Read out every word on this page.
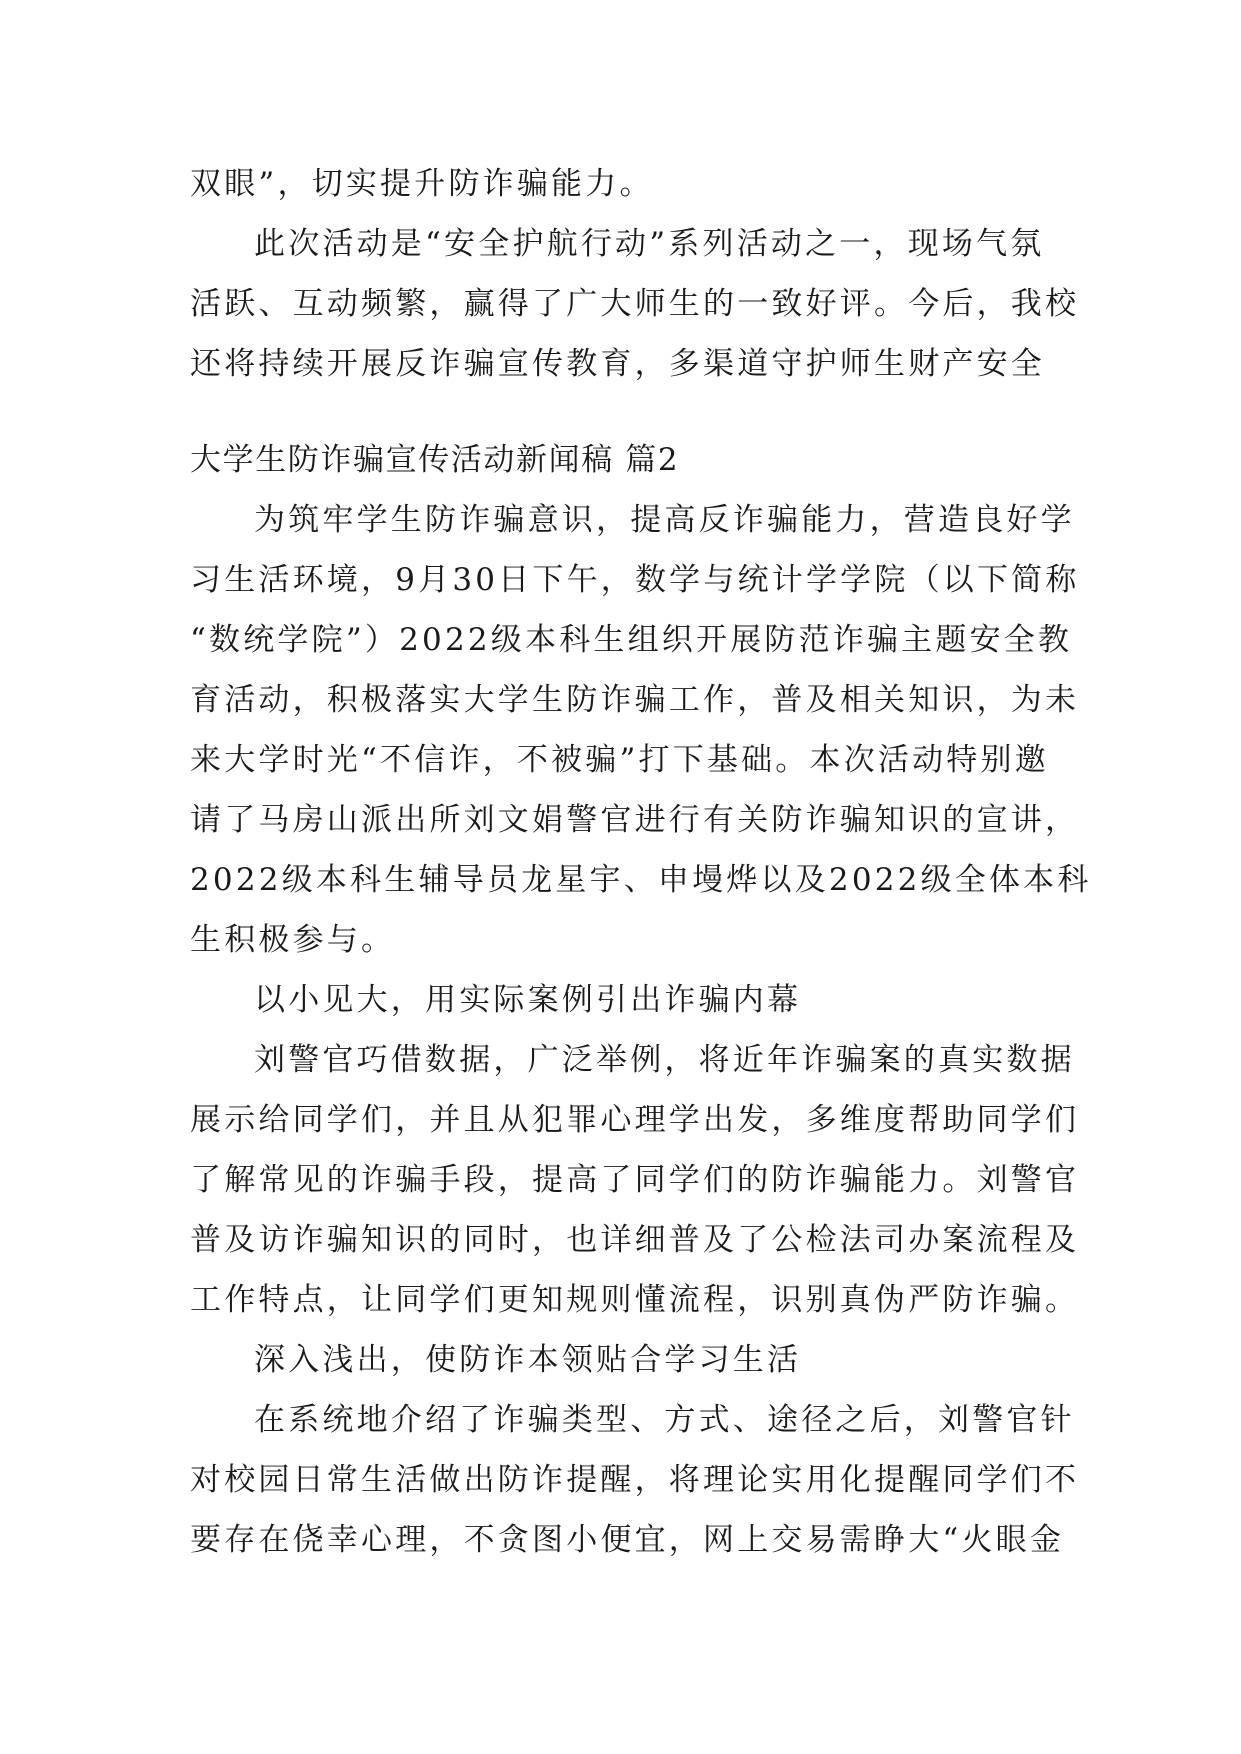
双眼”，切实提升防诈骗能力。

此次活动是“安全护航行动”系列活动之一，现场气氛

活跃、互动频繁，赢得了广大师生的一致好评。今后，我校

还将持续开展反诈骗宣传教育，多渠道守护师生财产安全

大学生防诈骗宣传活动新闻稿 篇2

为筑牢学生防诈骗意识，提高反诈骗能力，营造良好学

习生活环境，9月30日下午，数学与统计学学院（以下简称

“数统学院”）2022级本科生组织开展防范诈骗主题安全教

育活动，积极落实大学生防诈骗工作，普及相关知识，为未

来大学时光“不信诈，不被骗”打下基础。本次活动特别邀

请了马房山派出所刘文娟警官进行有关防诈骗知识的宣讲，

2022级本科生辅导员龙星宇、申墁烨以及2022级全体本科

生积极参与。

以小见大，用实际案例引出诈骗内幕

刘警官巧借数据，广泛举例，将近年诈骗案的真实数据

展示给同学们，并且从犯罪心理学出发，多维度帮助同学们

了解常见的诈骗手段，提高了同学们的防诈骗能力。刘警官

普及访诈骗知识的同时，也详细普及了公检法司办案流程及

工作特点，让同学们更知规则懂流程，识别真伪严防诈骗。

深入浅出，使防诈本领贴合学习生活

在系统地介绍了诈骗类型、方式、途径之后，刘警官针

对校园日常生活做出防诈提醒，将理论实用化提醒同学们不

要存在侥幸心理，不贪图小便宜，网上交易需睁大“火眼金
